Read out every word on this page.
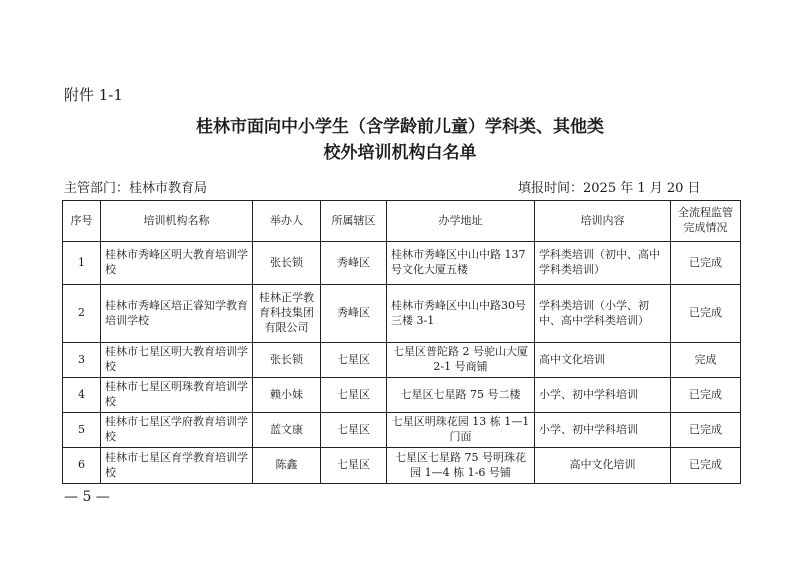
附件 1-1
桂林市面向中小学生（含学龄前儿童）学科类、其他类
校外培训机构白名单
主管部门：桂林市教育局	填报时间：2025 年 1 月 20 日
序号	培训机构名称	举办人	所属辖区	办学地址	培训内容	全流程监管完成情况
1	桂林市秀峰区明大教育培训学校	张长锁	秀峰区	桂林市秀峰区中山中路 137 号文化大厦五楼	学科类培训（初中、高中学科类培训）	已完成
2	桂林市秀峰区培正睿知学教育培训学校	桂林正学教育科技集团有限公司	秀峰区	桂林市秀峰区中山中路30号三楼 3-1	学科类培训（小学、初中、高中学科类培训）	已完成
3	桂林市七星区明大教育培训学校	张长锁	七星区	七星区普陀路 2 号驼山大厦2-1 号商铺	高中文化培训	完成
4	桂林市七星区明珠教育培训学校	赖小妹	七星区	七星区七星路 75 号二楼	小学、初中学科培训	已完成
5	桂林市七星区学府教育培训学校	蓝文康	七星区	七星区明珠花园 13 栋 1—1门面	小学、初中学科培训	已完成
6	桂林市七星区育学教育培训学校	陈鑫	七星区	七星区七星路 75 号明珠花园 1—4 栋 1-6 号铺	高中文化培训	已完成
— 5 —
